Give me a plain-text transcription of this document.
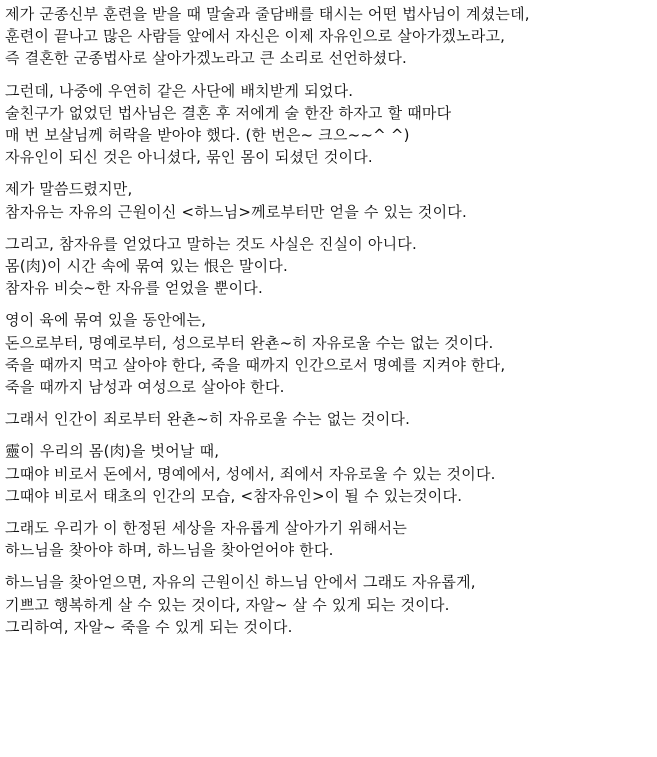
제가 군종신부 훈련을 받을 때 말술과 줄담배를 태시는 어떤 법사님이 계셨는데,
훈련이 끝나고 많은 사람들 앞에서 자신은 이제 자유인으로 살아가겠노라고,
즉 결혼한 군종법사로 살아가겠노라고 큰 소리로 선언하셨다.
그런데, 나중에 우연히 같은 사단에 배치받게 되었다.
술친구가 없었던 법사님은 결혼 후 저에게 술 한잔 하자고 할 때마다
매 번 보살님께 허락을 받아야 했다. (한 번은~ 크으~~^ ^)
자유인이 되신 것은 아니셨다, 묶인 몸이 되셨던 것이다.
제가 말씀드렸지만,
참자유는 자유의 근원이신 <하느님>께로부터만 얻을 수 있는 것이다.
그리고, 참자유를 얻었다고 말하는 것도 사실은 진실이 아니다.
몸(肉)이 시간 속에 묶여 있는 恨은 말이다.
참자유 비슷~한 자유를 얻었을 뿐이다.
영이 육에 묶여 있을 동안에는,
돈으로부터, 명예로부터, 성으로부터 완쵼~히 자유로울 수는 없는 것이다.
죽을 때까지 먹고 살아야 한다, 죽을 때까지 인간으로서 명예를 지켜야 한다,
죽을 때까지 남성과 여성으로 살아야 한다.
그래서 인간이 죄로부터 완쵼~히 자유로울 수는 없는 것이다.
靈이 우리의 몸(肉)을 벗어날 때,
그때야 비로서 돈에서, 명예에서, 성에서, 죄에서 자유로울 수 있는 것이다.
그때야 비로서 태초의 인간의 모습, <참자유인>이 될 수 있는것이다.
그래도 우리가 이 한정된 세상을 자유롭게 살아가기 위해서는
하느님을 찾아야 하며, 하느님을 찾아얻어야 한다.
하느님을 찾아얻으면, 자유의 근원이신 하느님 안에서 그래도 자유롭게,
기쁘고 행복하게 살 수 있는 것이다, 자알~ 살 수 있게 되는 것이다.
그리하여, 자알~ 죽을 수 있게 되는 것이다.
